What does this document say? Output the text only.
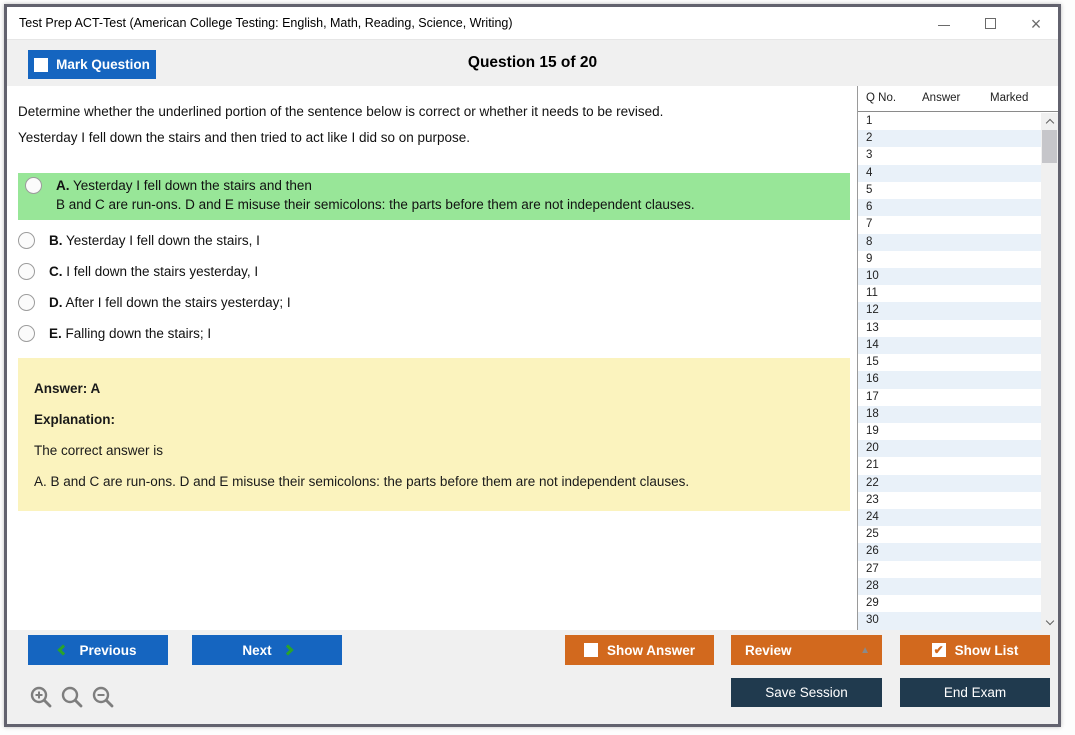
Test Prep ACT-Test (American College Testing: English, Math, Reading, Science, Writing)	×
Question 15 of 20
Mark Question
Determine whether the underlined portion of the sentence below is correct or whether it needs to be revised.
Yesterday I fell down the stairs and then tried to act like I did so on purpose.
A. Yesterday I fell down the stairs and then
B and C are run-ons. D and E misuse their semicolons: the parts before them are not independent clauses.
B. Yesterday I fell down the stairs, I
C. I fell down the stairs yesterday, I
D. After I fell down the stairs yesterday; I
E. Falling down the stairs; I
Answer: A
Explanation:
The correct answer is
A. B and C are run-ons. D and E misuse their semicolons: the parts before them are not independent clauses.
Q No. Answer	Marked
1
2
3
4
5
6
7
8
9
10
11
12
13
14
15
16
17
18
19
20
21
22
23
24
25
26
27
28
29
30
Previous	Next	Show Answer	Review	▲	✔ Show List
Save Session	End Exam
